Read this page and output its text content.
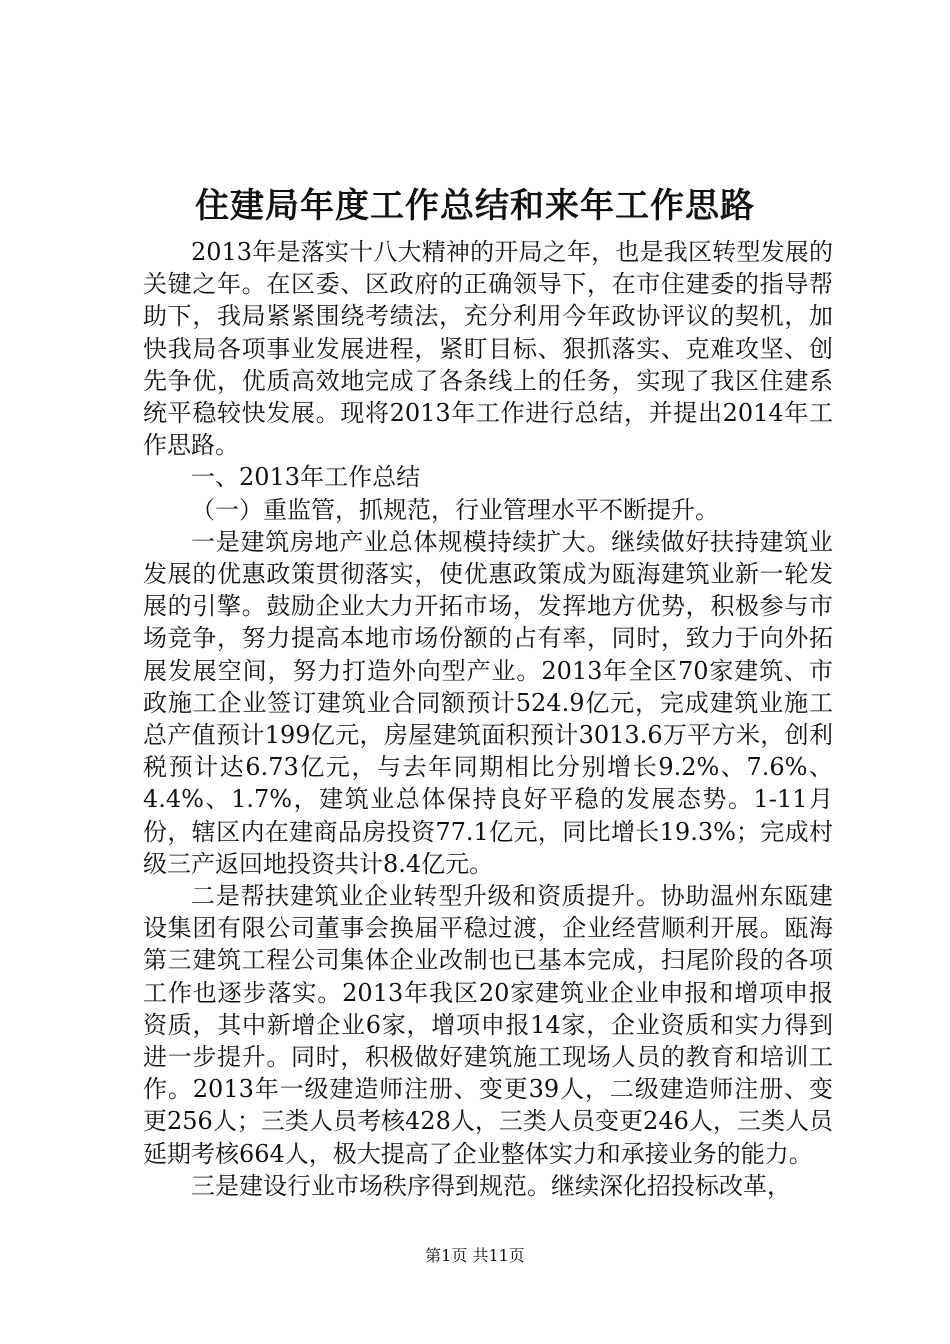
住建局年度工作总结和来年工作思路

2013年是落实十八大精神的开局之年，也是我区转型发展的关键之年。在区委、区政府的正确领导下，在市住建委的指导帮助下，我局紧紧围绕考绩法，充分利用今年政协评议的契机，加快我局各项事业发展进程，紧盯目标、狠抓落实、克难攻坚、创先争优，优质高效地完成了各条线上的任务，实现了我区住建系统平稳较快发展。现将2013年工作进行总结，并提出2014年工作思路。

一、2013年工作总结

（一）重监管，抓规范，行业管理水平不断提升。

一是建筑房地产业总体规模持续扩大。继续做好扶持建筑业发展的优惠政策贯彻落实，使优惠政策成为瓯海建筑业新一轮发展的引擎。鼓励企业大力开拓市场，发挥地方优势，积极参与市场竞争，努力提高本地市场份额的占有率，同时，致力于向外拓展发展空间，努力打造外向型产业。2013年全区70家建筑、市政施工企业签订建筑业合同额预计524.9亿元，完成建筑业施工总产值预计199亿元，房屋建筑面积预计3013.6万平方米，创利税预计达6.73亿元，与去年同期相比分别增长9.2%、7.6%、4.4%、1.7%，建筑业总体保持良好平稳的发展态势。1-11月份，辖区内在建商品房投资77.1亿元，同比增长19.3%；完成村级三产返回地投资共计8.4亿元。

二是帮扶建筑业企业转型升级和资质提升。协助温州东瓯建设集团有限公司董事会换届平稳过渡，企业经营顺利开展。瓯海第三建筑工程公司集体企业改制也已基本完成，扫尾阶段的各项工作也逐步落实。2013年我区20家建筑业企业申报和增项申报资质，其中新增企业6家，增项申报14家，企业资质和实力得到进一步提升。同时，积极做好建筑施工现场人员的教育和培训工作。2013年一级建造师注册、变更39人，二级建造师注册、变更256人；三类人员考核428人，三类人员变更246人，三类人员延期考核664人，极大提高了企业整体实力和承接业务的能力。

三是建设行业市场秩序得到规范。继续深化招投标改革，

第1页 共11页
